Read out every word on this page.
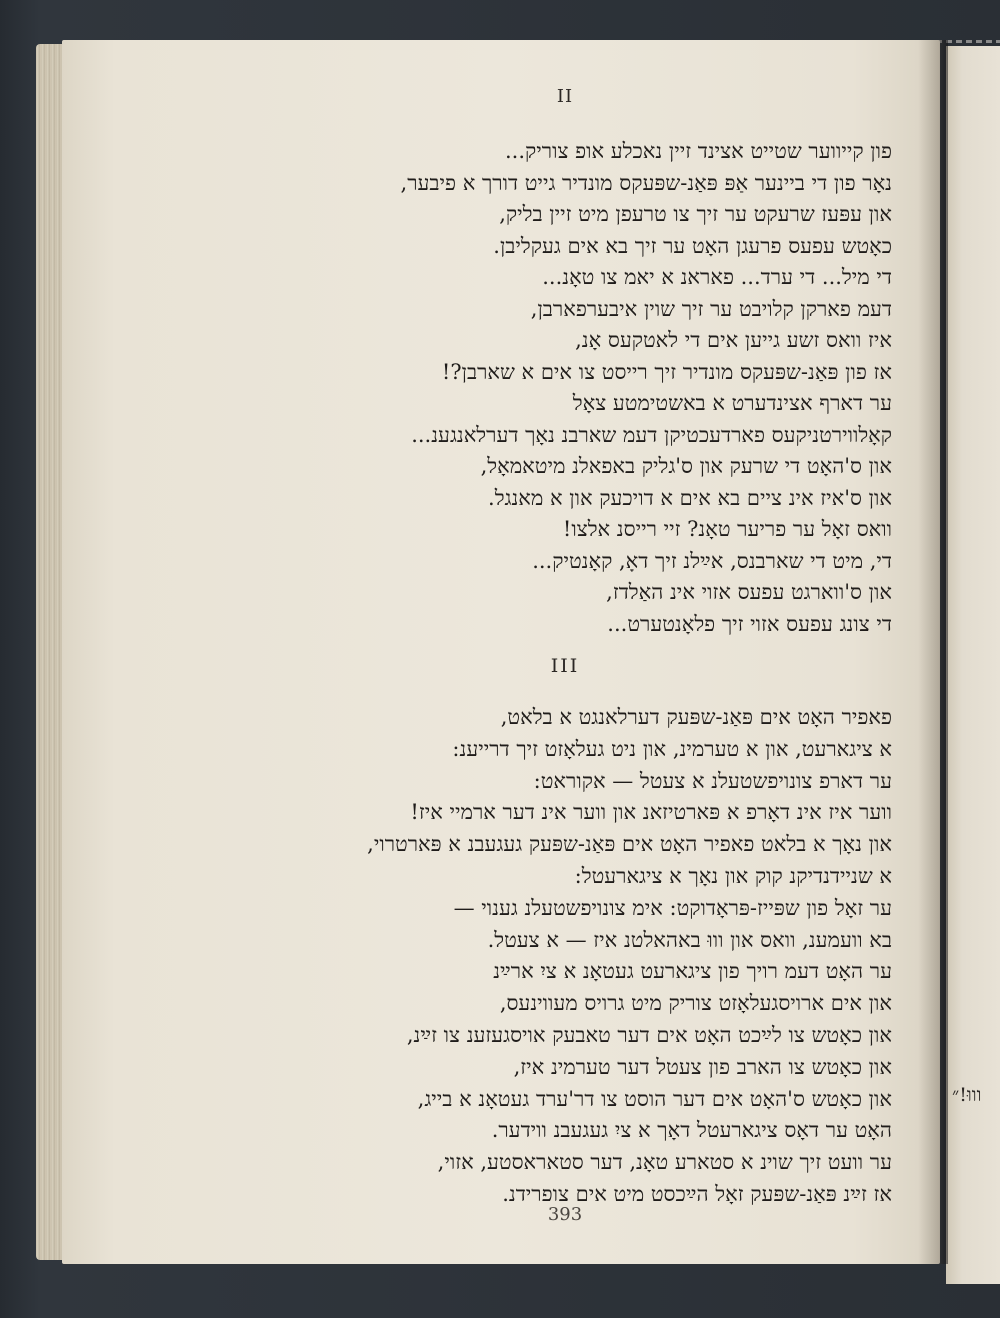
וווּ!״
II
פון קייווער שטייט אצינד זיין נאכלע אופ צוריק...
נאָר פון די ביינער אַפּ פּאַנ-שפּעקס מונדיר גייט דורך א פיבער,
און עפּעז שרעקט ער זיך צו טרעפן מיט זיין בליק,
כאָטש עפעס פרעגן האָט ער זיך בא אים געקליבן.
די מיל... די ערד... פאראנ א יאמ צו טאָנ...
דעמ פארקן קלויבט ער זיך שוין איבערפארבן,
איז וואס זשע גייען אים די לאטקעס אָנ,
אז פון פּאַנ-שפּעקס מונדיר זיך רייסט צו אים א שארבן?!
ער דארף אצינדערט א באשטימטע צאָל
קאָלווירטניקעס פארדעכטיקן דעמ שארבנ נאָך דערלאנגענ...
און ס'האָט די שרעק און ס'גליק באפאלנ מיטאמאָל,
און ס'איז אינ ציים בא אים א דויכעק און א מאנגל.
וואס זאָל ער פריער טאָנ? זיי רייסנ אלצו!
די, מיט די שארבנס, אײַלנ זיך דאָ, קאָנטיק...
און ס'ווארגט עפעס אזוי אינ האַלדז,
די צונג עפעס אזוי זיך פלאָנטערט...
III
פאפיר האָט אים פּאַנ-שפּעק דערלאנגט א בלאט,
א ציגארעט, און א טערמינ, און ניט געלאָזט זיך דרייענ:
ער דארפ צונויפשטעלנ א צעטל — אקוראט:
ווער איז אינ דאָרפ א פּארטיזאנ און ווער אינ דער ארמיי איז!
און נאָך א בלאט פאפיר האָט אים פּאַנ-שפּעק געגעבנ א פּארטרוי,
א שניידנדיקנ קוק און נאָך א ציגארעטל:
ער זאָל פון שפּייז-פּראָדוקט: אימ צונויפשטעלנ גענוי —
בא וועמענ, וואס און וווּ באהאלטנ איז — א צעטל.
ער האָט דעמ רויך פון ציגארעט געטאָנ א ציִ ארײַנ
און אים ארויסגעלאָזט צוריק מיט גרויס מעווינעס,
און כאָטש צו לײַכט האָט אים דער טאבעק אויסגעזענ צו זײַנ,
און כאָטש צו הארב פון צעטל דער טערמינ איז,
און כאָטש ס'האָט אים דער הוסט צו דר'ערד געטאָנ א בייג,
האָט ער דאָס ציגארעטל דאָך א ציִ געגעבנ ווידער.
ער וועט זיך שוינ א סטארע טאָנ, דער סטאראסטע, אזוי,
אז זײַנ פּאַנ-שפּעק זאָל הײַכסט מיט אים צופרידנ.
393
